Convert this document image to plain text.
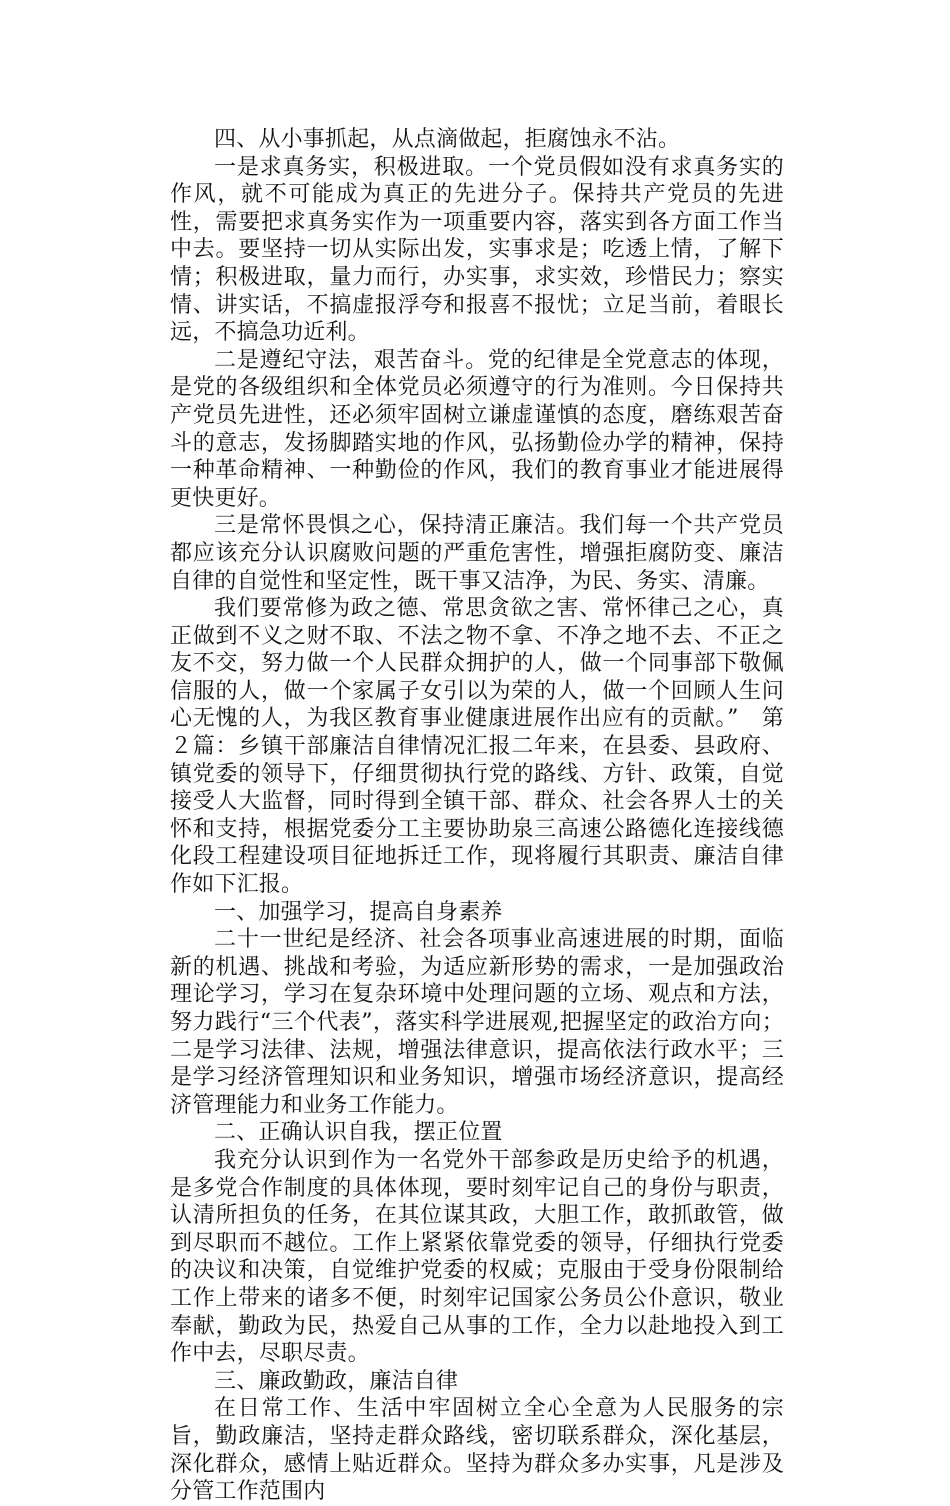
四、从小事抓起，从点滴做起，拒腐蚀永不沾。

一是求真务实，积极进取。一个党员假如没有求真务实的作风，就不可能成为真正的先进分子。保持共产党员的先进性，需要把求真务实作为一项重要内容，落实到各方面工作当中去。要坚持一切从实际出发，实事求是；吃透上情，了解下情；积极进取，量力而行，办实事，求实效，珍惜民力；察实情、讲实话，不搞虚报浮夸和报喜不报忧；立足当前，着眼长远，不搞急功近利。

二是遵纪守法，艰苦奋斗。党的纪律是全党意志的体现，是党的各级组织和全体党员必须遵守的行为准则。今日保持共产党员先进性，还必须牢固树立谦虚谨慎的态度，磨练艰苦奋斗的意志，发扬脚踏实地的作风，弘扬勤俭办学的精神，保持一种革命精神、一种勤俭的作风，我们的教育事业才能进展得更快更好。

三是常怀畏惧之心，保持清正廉洁。我们每一个共产党员都应该充分认识腐败问题的严重危害性，增强拒腐防变、廉洁自律的自觉性和坚定性，既干事又洁净，为民、务实、清廉。

我们要常修为政之德、常思贪欲之害、常怀律己之心，真正做到不义之财不取、不法之物不拿、不净之地不去、不正之友不交，努力做一个人民群众拥护的人，做一个同事部下敬佩信服的人，做一个家属子女引以为荣的人，做一个回顾人生问心无愧的人，为我区教育事业健康进展作出应有的贡献。”　第２篇：乡镇干部廉洁自律情况汇报二年来，在县委、县政府、镇党委的领导下，仔细贯彻执行党的路线、方针、政策，自觉接受人大监督，同时得到全镇干部、群众、社会各界人士的关怀和支持，根据党委分工主要协助泉三高速公路德化连接线德化段工程建设项目征地拆迁工作，现将履行其职责、廉洁自律作如下汇报。

一、加强学习，提高自身素养

二十一世纪是经济、社会各项事业高速进展的时期，面临新的机遇、挑战和考验，为适应新形势的需求，一是加强政治理论学习，学习在复杂环境中处理问题的立场、观点和方法，努力践行“三个代表”，落实科学进展观,把握坚定的政治方向；二是学习法律、法规，增强法律意识，提高依法行政水平；三是学习经济管理知识和业务知识，增强市场经济意识，提高经济管理能力和业务工作能力。

二、正确认识自我，摆正位置

我充分认识到作为一名党外干部参政是历史给予的机遇，是多党合作制度的具体体现，要时刻牢记自己的身份与职责，认清所担负的任务，在其位谋其政，大胆工作，敢抓敢管，做到尽职而不越位。工作上紧紧依靠党委的领导，仔细执行党委的决议和决策，自觉维护党委的权威；克服由于受身份限制给工作上带来的诸多不便，时刻牢记国家公务员公仆意识，敬业奉献，勤政为民，热爱自己从事的工作，全力以赴地投入到工作中去，尽职尽责。

三、廉政勤政，廉洁自律

在日常工作、生活中牢固树立全心全意为人民服务的宗旨，勤政廉洁，坚持走群众路线，密切联系群众，深化基层，深化群众，感情上贴近群众。坚持为群众多办实事，凡是涉及分管工作范围内
